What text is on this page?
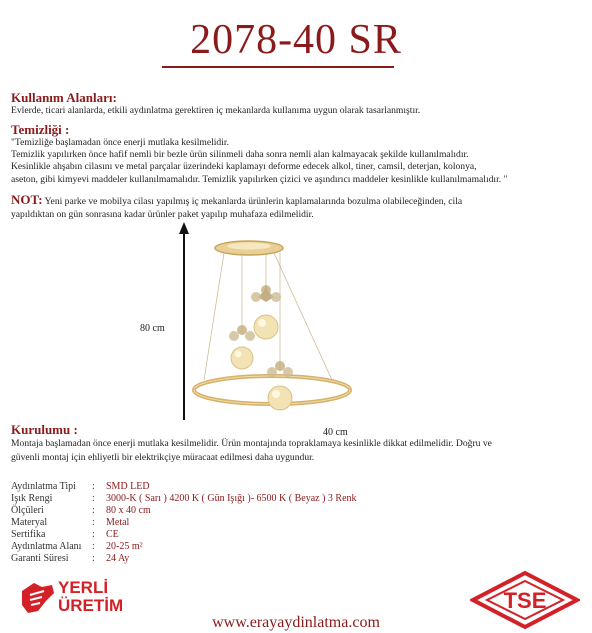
2078-40 SR
Kullanım Alanları:
Evlerde, ticari alanlarda, etkili aydınlatma gerektiren iç mekanlarda kullanıma uygun olarak tasarlanmıştır.
Temizliği :
"Temizliğe başlamadan önce enerji mutlaka kesilmelidir.
Temizlik yapılırken önce hafif nemli bir bezle ürün silinmeli daha sonra nemli alan kalmayacak şekilde kullanılmalıdır.
Kesinlikle ahşabın cilasını ve metal parçalar üzerindeki kaplamayı deforme edecek alkol, tiner, camsil, deterjan, kolonya,
aseton, gibi kimyevi maddeler kullanılmamalıdır. Temizlik yapılırken çizici ve aşındırıcı maddeler kesinlikle kullanılmamalıdır. "
NOT: Yeni parke ve mobilya cilası yapılmış iç mekanlarda ürünlerin kaplamalarında bozulma olabileceğinden, cila
yapıldıktan on gün sonrasına kadar ürünler paket yapılıp muhafaza edilmelidir.
80 cm
40 cm
Kurulumu :
Montaja başlamadan önce enerji mutlaka kesilmelidir. Ürün montajında topraklamaya kesinlikle dikkat edilmelidir. Doğru ve
güvenli montaj için ehliyetli bir elektrikçiye müracaat edilmesi daha uygundur.
Aydınlatma Tipi : SMD LED
Işık Rengi	: 3000-K ( Sarı ) 4200 K ( Gün Işığı )- 6500 K ( Beyaz ) 3 Renk
Ölçüleri	: 80 x 40 cm
Materyal	: Metal
Sertifika	: CE
Aydınlatma Alanı : 20-25 m²
Garanti Süresi : 24 Ay
YERLİ
ÜRETİM	TSE
www.erayaydinlatma.com
